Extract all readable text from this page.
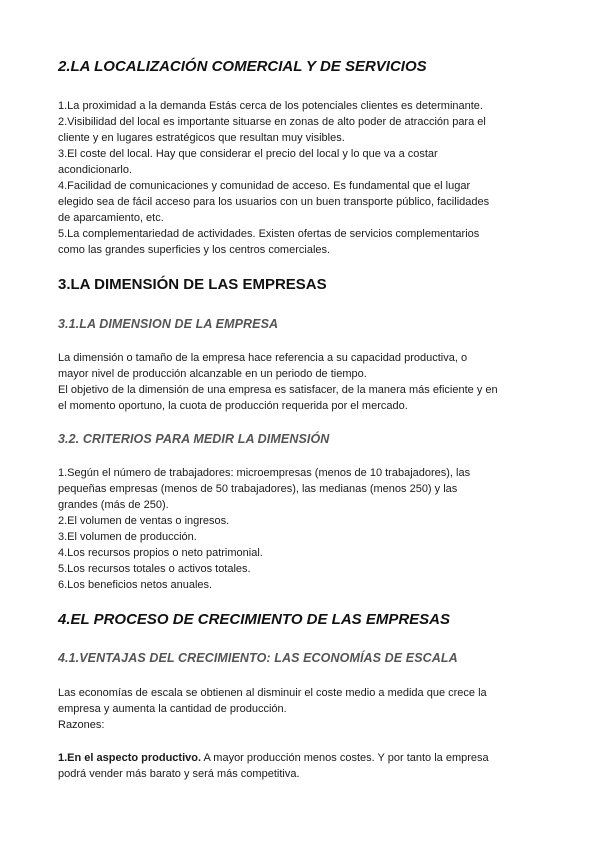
2.LA LOCALIZACIÓN COMERCIAL Y DE SERVICIOS
1.La proximidad a la demanda Estás cerca de los potenciales clientes es determinante.
2.Visibilidad del local es importante situarse en zonas de alto poder de atracción para el
cliente y en lugares estratégicos que resultan muy visibles.
3.El coste del local. Hay que considerar el precio del local y lo que va a costar
acondicionarlo.
4.Facilidad de comunicaciones y comunidad de acceso. Es fundamental que el lugar
elegido sea de fácil acceso para los usuarios con un buen transporte público, facilidades
de aparcamiento, etc.
5.La complementariedad de actividades. Existen ofertas de servicios complementarios
como las grandes superficies y los centros comerciales.
3.LA DIMENSIÓN DE LAS EMPRESAS
3.1.LA DIMENSION DE LA EMPRESA
La dimensión o tamaño de la empresa hace referencia a su capacidad productiva, o
mayor nivel de producción alcanzable en un periodo de tiempo.
El objetivo de la dimensión de una empresa es satisfacer, de la manera más eficiente y en
el momento oportuno, la cuota de producción requerida por el mercado.
3.2. CRITERIOS PARA MEDIR LA DIMENSIÓN
1.Según el número de trabajadores: microempresas (menos de 10 trabajadores), las
pequeñas empresas (menos de 50 trabajadores), las medianas (menos 250) y las
grandes (más de 250).
2.El volumen de ventas o ingresos.
3.El volumen de producción.
4.Los recursos propios o neto patrimonial.
5.Los recursos totales o activos totales.
6.Los beneficios netos anuales.
4.EL PROCESO DE CRECIMIENTO DE LAS EMPRESAS
4.1.VENTAJAS DEL CRECIMIENTO: LAS ECONOMÍAS DE ESCALA
Las economías de escala se obtienen al disminuir el coste medio a medida que crece la
empresa y aumenta la cantidad de producción.
Razones:
1.En el aspecto productivo. A mayor producción menos costes. Y por tanto la empresa
podrá vender más barato y será más competitiva.
